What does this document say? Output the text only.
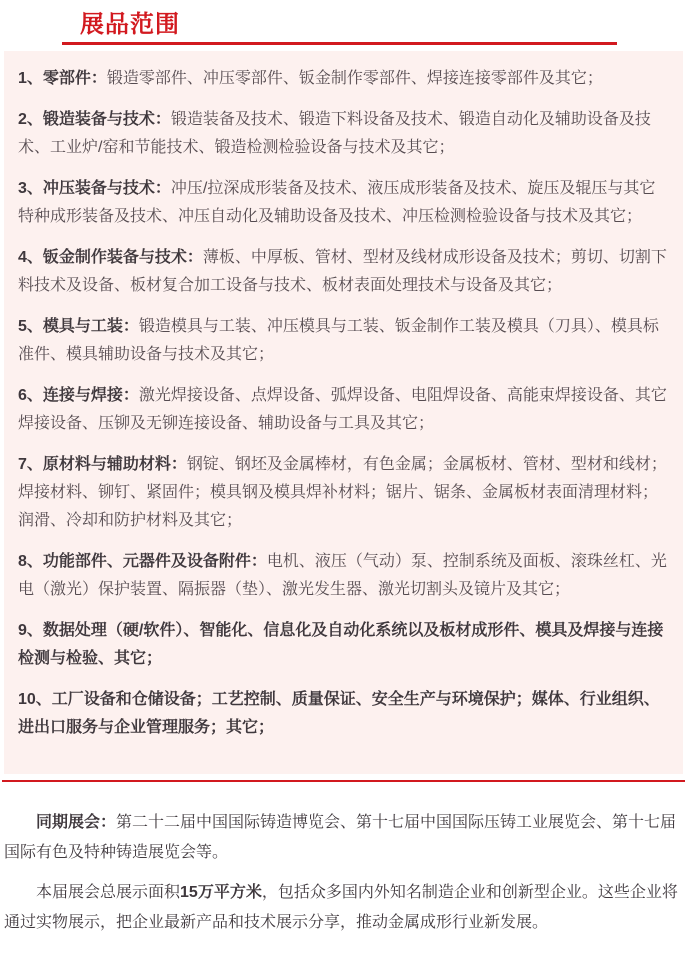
展品范围

1、零部件：锻造零部件、冲压零部件、钣金制作零部件、焊接连接零部件及其它；

2、锻造装备与技术：锻造装备及技术、锻造下料设备及技术、锻造自动化及辅助设备及技术、工业炉/窑和节能技术、锻造检测检验设备与技术及其它；

3、冲压装备与技术：冲压/拉深成形装备及技术、液压成形装备及技术、旋压及辊压与其它特种成形装备及技术、冲压自动化及辅助设备及技术、冲压检测检验设备与技术及其它；

4、钣金制作装备与技术：薄板、中厚板、管材、型材及线材成形设备及技术；剪切、切割下料技术及设备、板材复合加工设备与技术、板材表面处理技术与设备及其它；

5、模具与工装：锻造模具与工装、冲压模具与工装、钣金制作工装及模具（刀具）、模具标准件、模具辅助设备与技术及其它；

6、连接与焊接：激光焊接设备、点焊设备、弧焊设备、电阻焊设备、高能束焊接设备、其它焊接设备、压铆及无铆连接设备、辅助设备与工具及其它；

7、原材料与辅助材料：钢锭、钢坯及金属棒材，有色金属；金属板材、管材、型材和线材；焊接材料、铆钉、紧固件；模具钢及模具焊补材料；锯片、锯条、金属板材表面清理材料；润滑、冷却和防护材料及其它；

8、功能部件、元器件及设备附件：电机、液压（气动）泵、控制系统及面板、滚珠丝杠、光电（激光）保护装置、隔振器（垫）、激光发生器、激光切割头及镜片及其它；

9、数据处理（硬/软件）、智能化、信息化及自动化系统以及板材成形件、模具及焊接与连接检测与检验、其它；

10、工厂设备和仓储设备；工艺控制、质量保证、安全生产与环境保护；媒体、行业组织、进出口服务与企业管理服务；其它；

同期展会：第二十二届中国国际铸造博览会、第十七届中国国际压铸工业展览会、第十七届国际有色及特种铸造展览会等。

本届展会总展示面积15万平方米，包括众多国内外知名制造企业和创新型企业。这些企业将通过实物展示，把企业最新产品和技术展示分享，推动金属成形行业新发展。
